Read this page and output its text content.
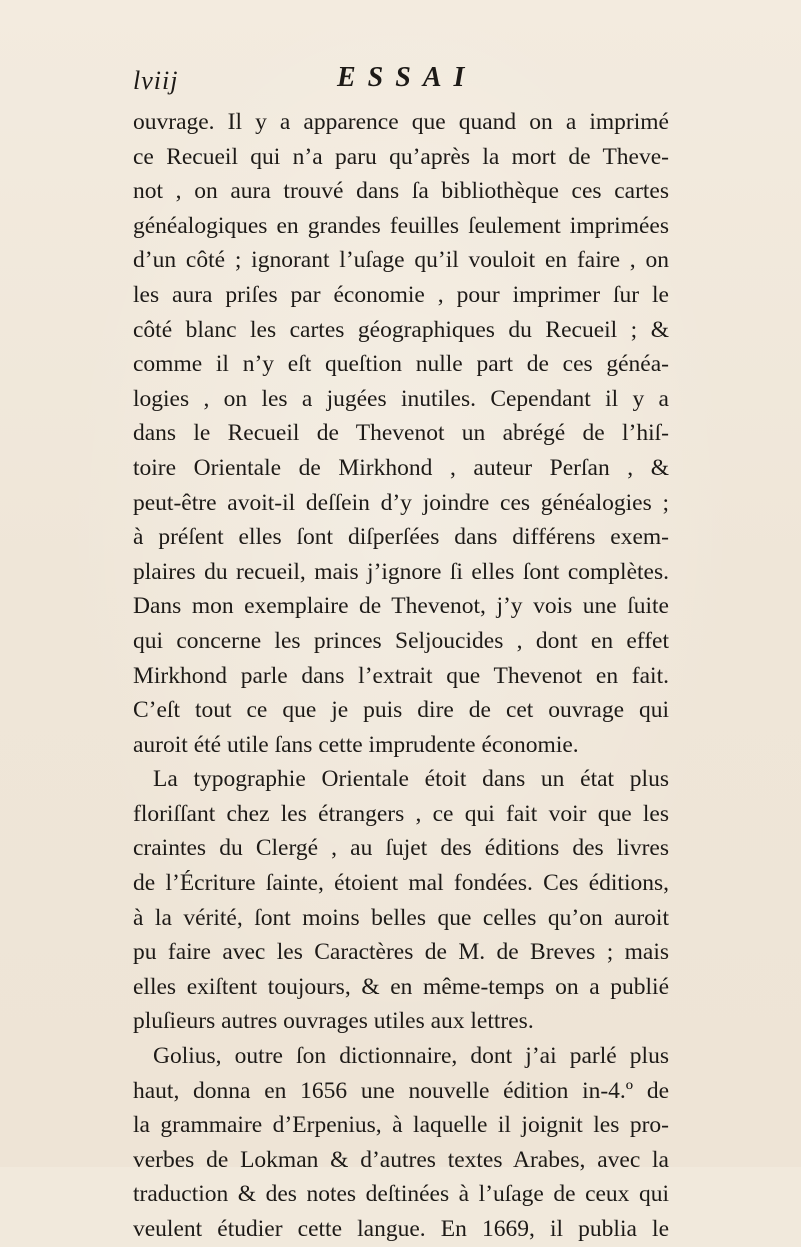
lviij	ESSAI
ouvrage. Il y a apparence que quand on a imprimé
ce Recueil qui n’a paru qu’après la mort de Theve-
not , on aura trouvé dans ſa bibliothèque ces cartes
généalogiques en grandes feuilles ſeulement imprimées
d’un côté ; ignorant l’uſage qu’il vouloit en faire , on
les aura priſes par économie , pour imprimer ſur le
côté blanc les cartes géographiques du Recueil ; &
comme il n’y eſt queſtion nulle part de ces généa-
logies , on les a jugées inutiles. Cependant il y a
dans le Recueil de Thevenot un abrégé de l’hiſ-
toire Orientale de Mirkhond , auteur Perſan , &
peut-être avoit-il deſſein d’y joindre ces généalogies ;
à préſent elles ſont diſperſées dans différens exem-
plaires du recueil, mais j’ignore ſi elles ſont complètes.
Dans mon exemplaire de Thevenot, j’y vois une ſuite
qui concerne les princes Seljoucides , dont en effet
Mirkhond parle dans l’extrait que Thevenot en fait.
C’eſt tout ce que je puis dire de cet ouvrage qui
auroit été utile ſans cette imprudente économie.
La typographie Orientale étoit dans un état plus
floriſſant chez les étrangers , ce qui fait voir que les
craintes du Clergé , au ſujet des éditions des livres
de l’Écriture ſainte, étoient mal fondées. Ces éditions,
à la vérité, ſont moins belles que celles qu’on auroit
pu faire avec les Caractères de M. de Breves ; mais
elles exiſtent toujours, & en même-temps on a publié
pluſieurs autres ouvrages utiles aux lettres.
Golius, outre ſon dictionnaire, dont j’ai parlé plus
haut, donna en 1656 une nouvelle édition in-4.º de
la grammaire d’Erpenius, à laquelle il joignit les pro-
verbes de Lokman & d’autres textes Arabes, avec la
traduction & des notes deſtinées à l’uſage de ceux qui
veulent étudier cette langue. En 1669, il publia le
